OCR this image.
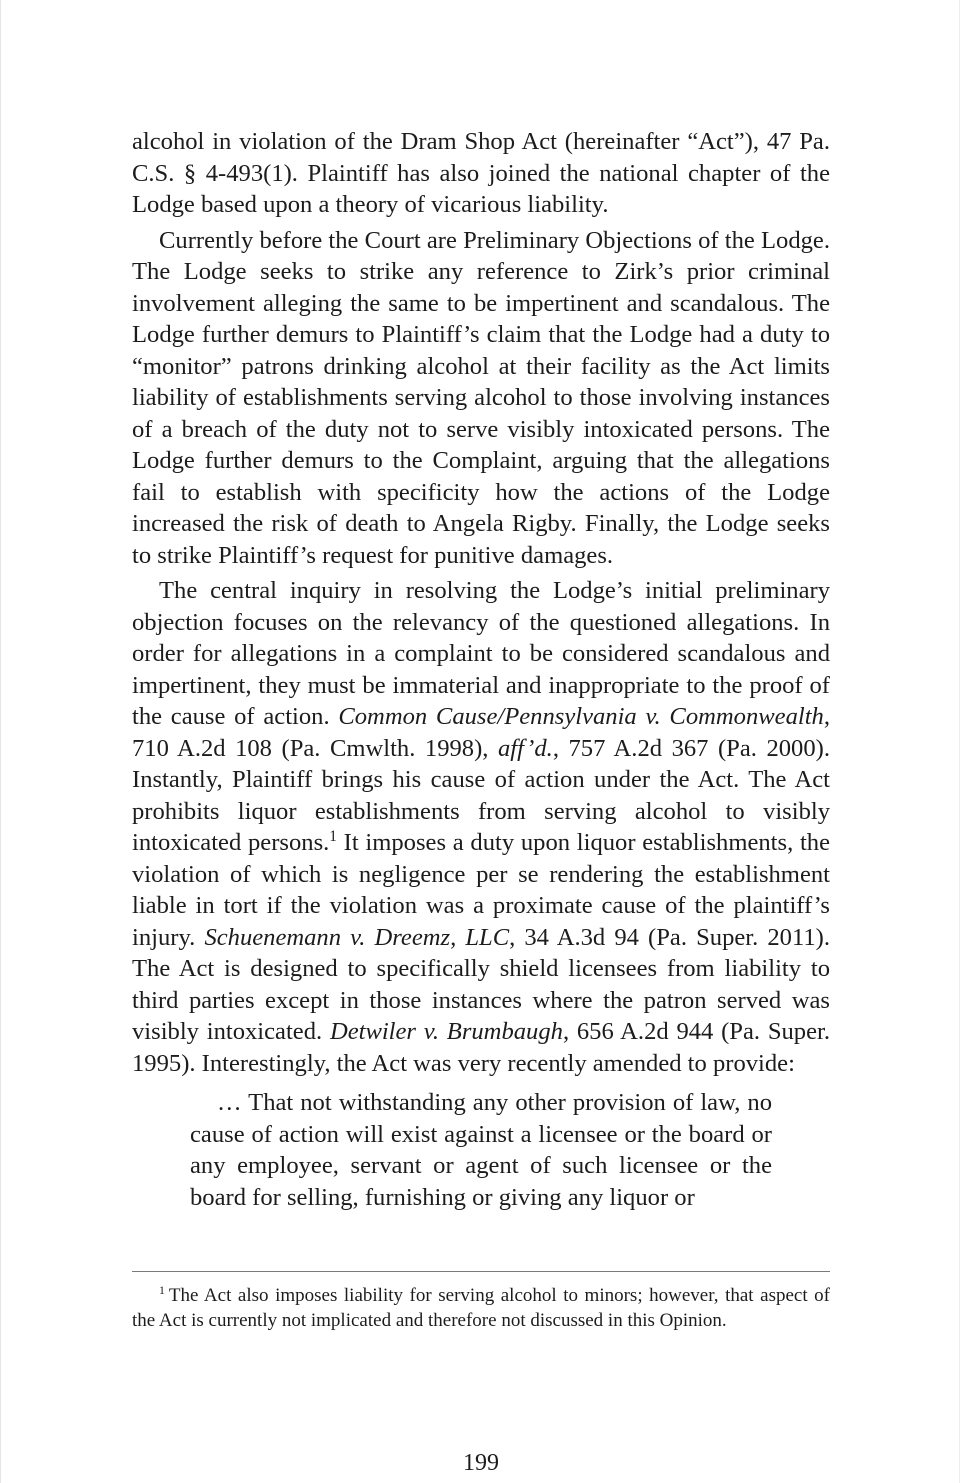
alcohol in violation of the Dram Shop Act (hereinafter “Act”), 47 Pa. C.S. § 4-493(1). Plaintiff has also joined the national chapter of the Lodge based upon a theory of vicarious liability.

Currently before the Court are Preliminary Objections of the Lodge. The Lodge seeks to strike any reference to Zirk’s prior criminal involvement alleging the same to be impertinent and scandalous. The Lodge further demurs to Plaintiff’s claim that the Lodge had a duty to “monitor” patrons drinking alcohol at their facility as the Act limits liability of establishments serving alcohol to those involving instances of a breach of the duty not to serve visibly intoxicated persons. The Lodge further demurs to the Complaint, arguing that the allegations fail to establish with specificity how the actions of the Lodge increased the risk of death to Angela Rigby. Finally, the Lodge seeks to strike Plaintiff’s request for punitive damages.

The central inquiry in resolving the Lodge’s initial preliminary objection focuses on the relevancy of the questioned allegations. In order for allegations in a complaint to be considered scandalous and impertinent, they must be immaterial and inappropriate to the proof of the cause of action. Common Cause/Pennsylvania v. Commonwealth, 710 A.2d 108 (Pa. Cmwlth. 1998), aff’d., 757 A.2d 367 (Pa. 2000). Instantly, Plaintiff brings his cause of action under the Act. The Act prohibits liquor establishments from serving alcohol to visibly intoxicated persons.$^1$ It imposes a duty upon liquor establishments, the violation of which is negligence per se rendering the establishment liable in tort if the violation was a proximate cause of the plaintiff’s injury. Schuenemann v. Dreemz, LLC, 34 A.3d 94 (Pa. Super. 2011). The Act is designed to specifically shield licensees from liability to third parties except in those instances where the patron served was visibly intoxicated. Detwiler v. Brumbaugh, 656 A.2d 944 (Pa. Super. 1995). Interestingly, the Act was very recently amended to provide:

… That not withstanding any other provision of law, no cause of action will exist against a licensee or the board or any employee, servant or agent of such licensee or the board for selling, furnishing or giving any liquor or

$^1$ The Act also imposes liability for serving alcohol to minors; however, that aspect of the Act is currently not implicated and therefore not discussed in this Opinion.

199
